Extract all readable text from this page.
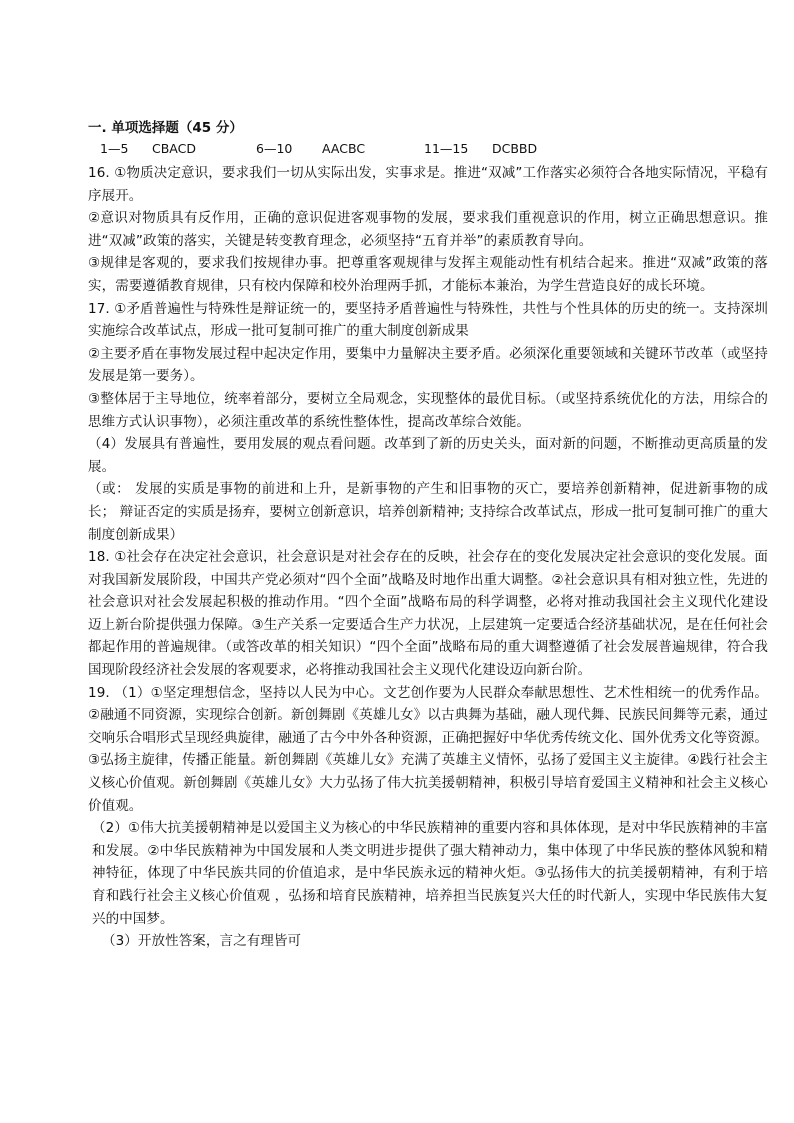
一. 单项选择题（45 分）
1—5 CBACD	6—10 AACBC	11—15 DCBBD

16. ①物质决定意识，要求我们一切从实际出发，实事求是。推进“双减”工作落实必须符合各地实际情况，平稳有序展开。

②意识对物质具有反作用，正确的意识促进客观事物的发展，要求我们重视意识的作用，树立正确思想意识。推进“双减”政策的落实，关键是转变教育理念，必须坚持“五育并举”的素质教育导向。

③规律是客观的，要求我们按规律办事。把尊重客观规律与发挥主观能动性有机结合起来。推进“双减”政策的落实，需要遵循教育规律，只有校内保障和校外治理两手抓，才能标本兼治，为学生营造良好的成长环境。

17. ①矛盾普遍性与特殊性是辩证统一的，要坚持矛盾普遍性与特殊性，共性与个性具体的历史的统一。支持深圳实施综合改革试点，形成一批可复制可推广的重大制度创新成果

②主要矛盾在事物发展过程中起决定作用，要集中力量解决主要矛盾。必须深化重要领域和关键环节改革（或坚持发展是第一要务）。

③整体居于主导地位，统率着部分，要树立全局观念，实现整体的最优目标。（或坚持系统优化的方法，用综合的思维方式认识事物），必须注重改革的系统性整体性，提高改革综合效能。

（4）发展具有普遍性，要用发展的观点看问题。改革到了新的历史关头，面对新的问题，不断推动更高质量的发展。

（或： 发展的实质是事物的前进和上升，是新事物的产生和旧事物的灭亡，要培养创新精神，促进新事物的成长； 辩证否定的实质是扬弃，要树立创新意识，培养创新精神; 支持综合改革试点，形成一批可复制可推广的重大制度创新成果）

18. ①社会存在决定社会意识，社会意识是对社会存在的反映，社会存在的变化发展决定社会意识的变化发展。面对我国新发展阶段，中国共产党必须对“四个全面”战略及时地作出重大调整。②社会意识具有相对独立性，先进的社会意识对社会发展起积极的推动作用。“四个全面”战略布局的科学调整，必将对推动我国社会主义现代化建设迈上新台阶提供强力保障。③生产关系一定要适合生产力状况，上层建筑一定要适合经济基础状况，是在任何社会都起作用的普遍规律。（或答改革的相关知识）“四个全面”战略布局的重大调整遵循了社会发展普遍规律，符合我国现阶段经济社会发展的客观要求，必将推动我国社会主义现代化建设迈向新台阶。

19. （1）①坚定理想信念，坚持以人民为中心。文艺创作要为人民群众奉献思想性、艺术性相统一的优秀作品。②融通不同资源，实现综合创新。新创舞剧《英雄儿女》以古典舞为基础，融人现代舞、民族民间舞等元素，通过交响乐合唱形式呈现经典旋律，融通了古今中外各种资源，正确把握好中华优秀传统文化、国外优秀文化等资源。③弘扬主旋律，传播正能量。新创舞剧《英雄儿女》充满了英雄主义情怀，弘扬了爱国主义主旋律。④践行社会主义核心价值观。新创舞剧《英雄儿女》大力弘扬了伟大抗美援朝精神，积极引导培育爱国主义精神和社会主义核心价值观。

（2）①伟大抗美援朝精神是以爱国主义为核心的中华民族精神的重要内容和具体体现，是对中华民族精神的丰富和发展。②中华民族精神为中国发展和人类文明进步提供了强大精神动力，集中体现了中华民族的整体风貌和精神特征，体现了中华民族共同的价值追求，是中华民族永远的精神火炬。③弘扬伟大的抗美援朝精神，有利于培育和践行社会主义核心价值观 ，弘扬和培育民族精神，培养担当民族复兴大任的时代新人，实现中华民族伟大复兴的中国梦。

（3）开放性答案，言之有理皆可
